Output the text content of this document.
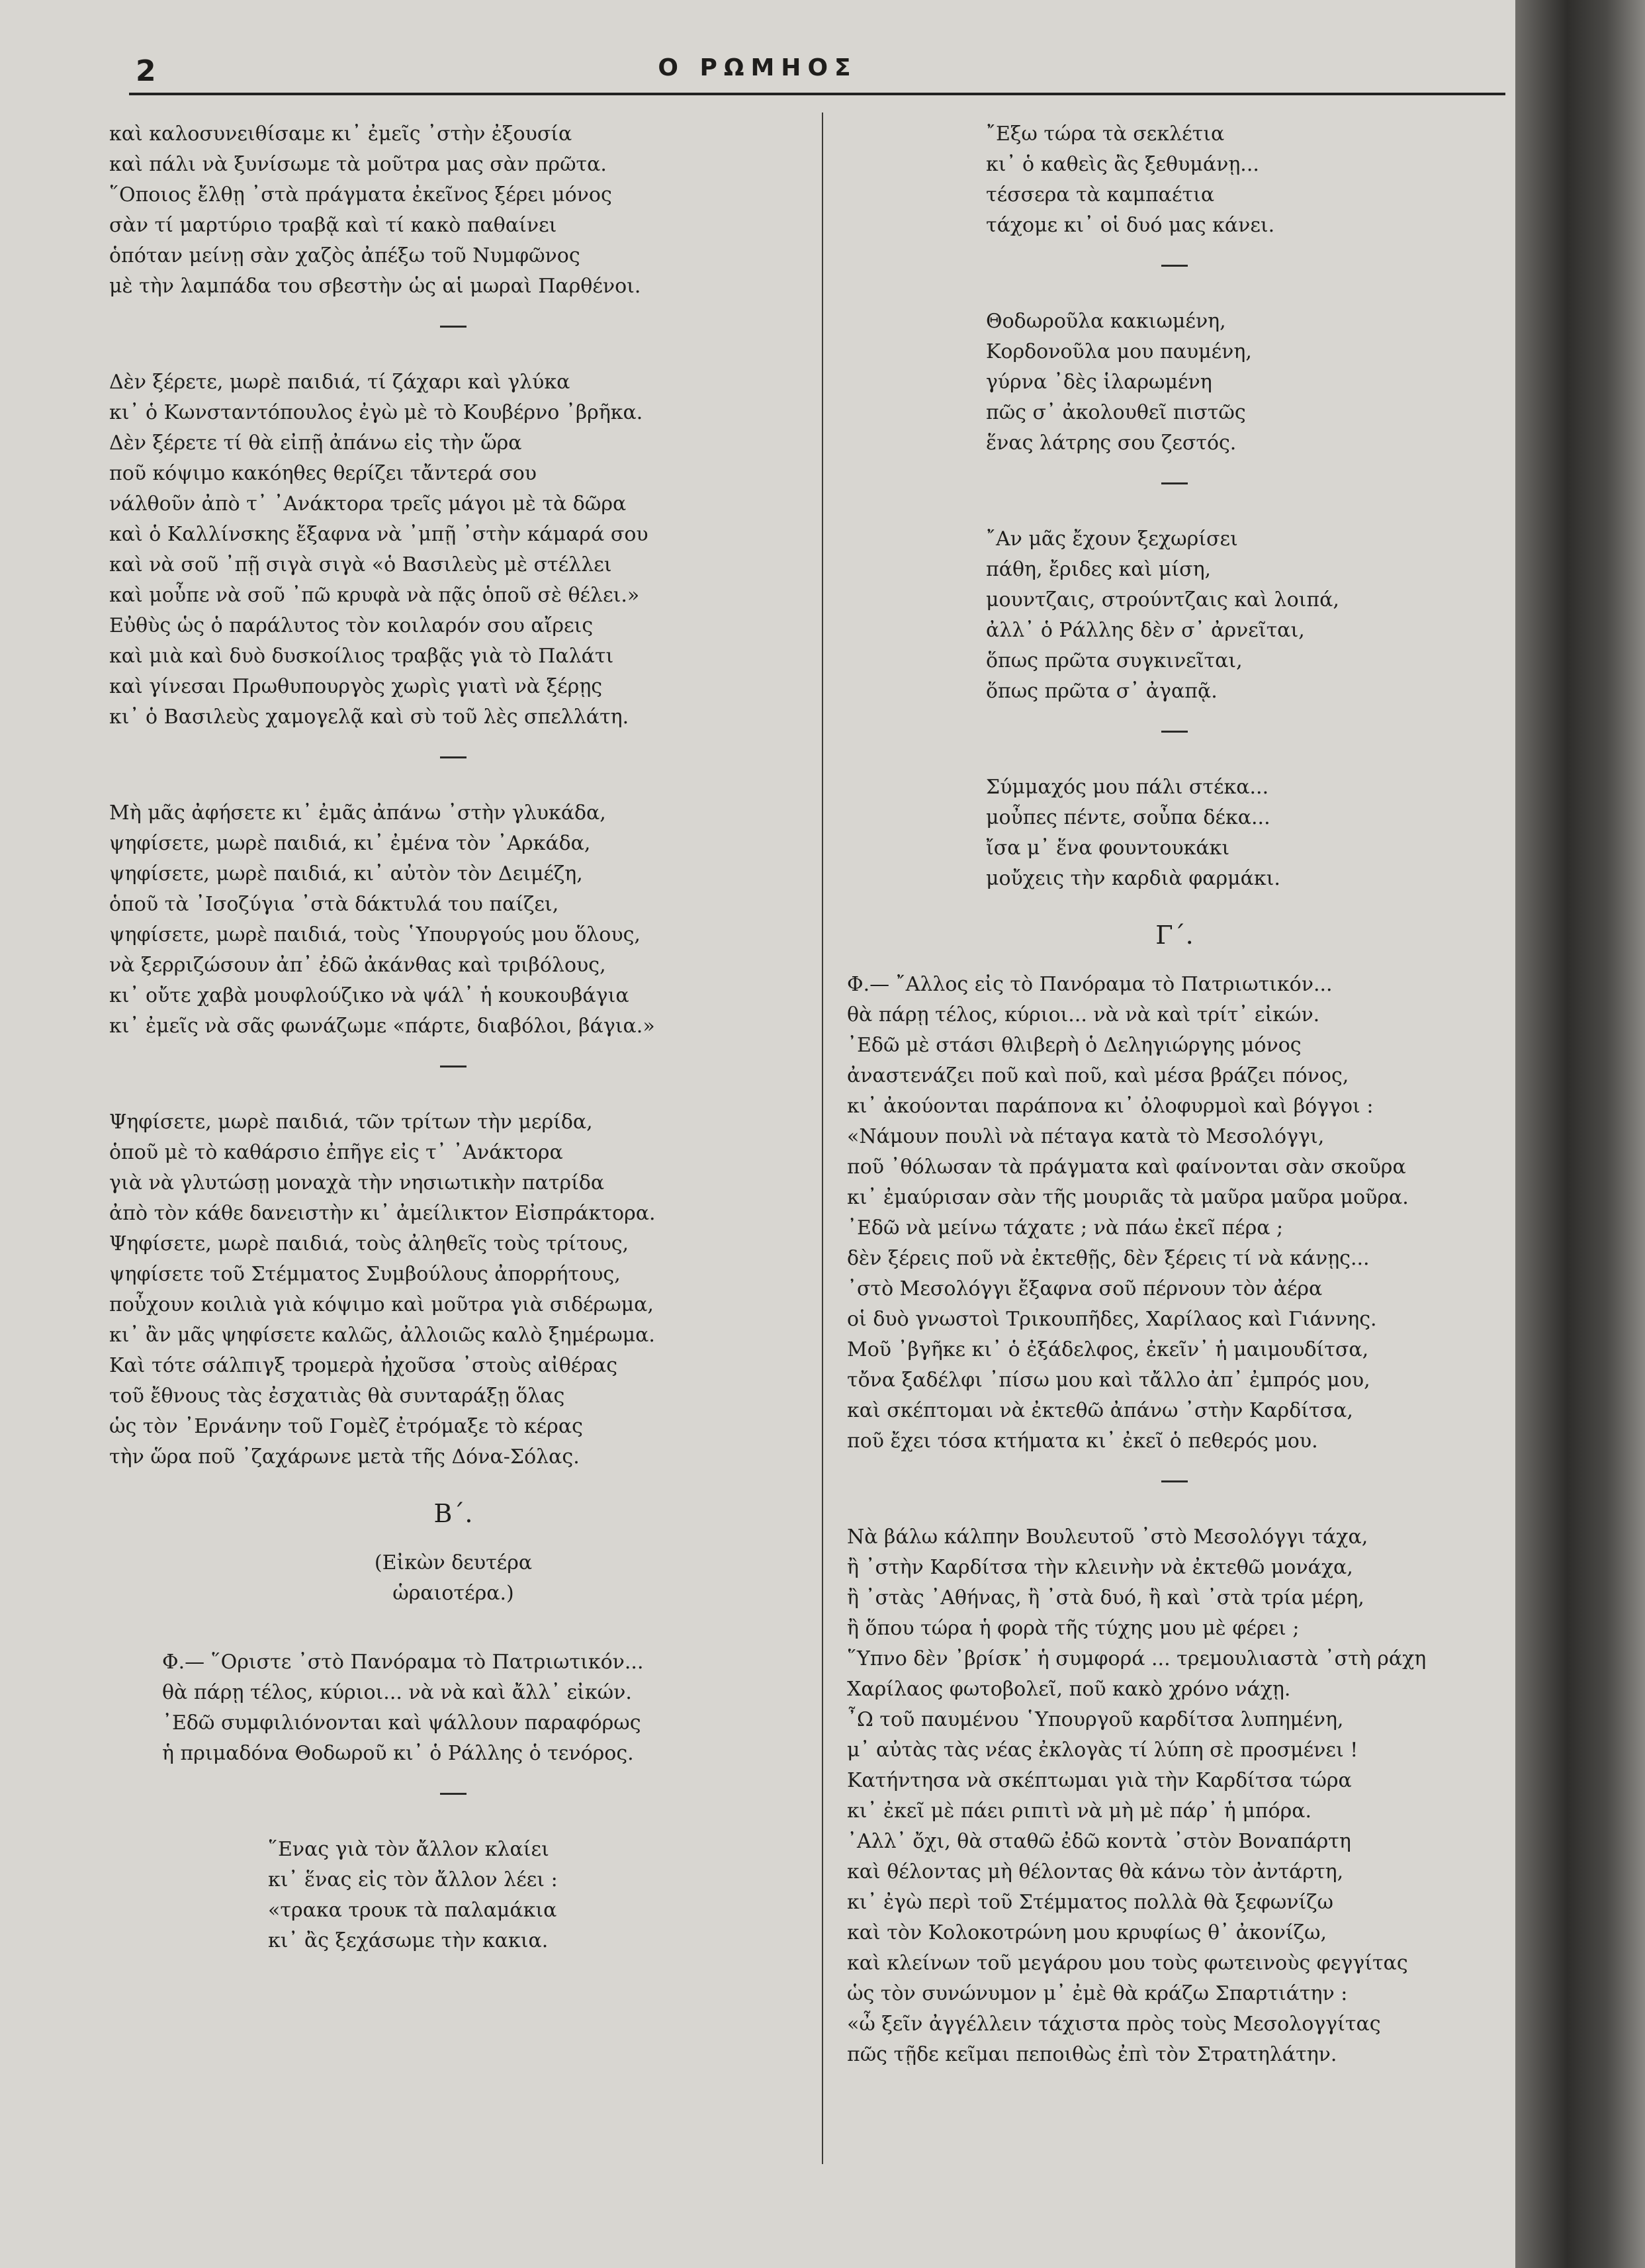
2	Ο ΡΩΜΗΟΣ
καὶ καλοσυνειθίσαμε κι᾿ ἐμεῖς ᾿στὴν ἐξουσία
καὶ πάλι νὰ ξυνίσωμε τὰ μοῦτρα μας σὰν πρῶτα.
῞Οποιος ἔλθῃ ᾿στὰ πράγματα ἐκεῖνος ξέρει μόνος
σὰν τί μαρτύριο τραβᾷ καὶ τί κακὸ παθαίνει
ὁπόταν μείνῃ σὰν χαζὸς ἀπέξω τοῦ Νυμφῶνος
μὲ τὴν λαμπάδα του σβεστὴν ὡς αἱ μωραὶ Παρθένοι.
Δὲν ξέρετε, μωρὲ παιδιά, τί ζάχαρι καὶ γλύκα
κι᾿ ὁ Κωνσταντόπουλος ἐγὼ μὲ τὸ Κουβέρνο ᾿βρῆκα.
Δὲν ξέρετε τί θὰ εἰπῇ ἀπάνω εἰς τὴν ὥρα
ποῦ κόψιμο κακόηθες θερίζει τἄντερά σου
νάλθοῦν ἀπὸ τ᾿ ᾿Ανάκτορα τρεῖς μάγοι μὲ τὰ δῶρα
καὶ ὁ Καλλίνσκης ἔξαφνα νὰ ᾿μπῇ ᾿στὴν κάμαρά σου
καὶ νὰ σοῦ ᾿πῇ σιγὰ σιγὰ «ὁ Βασιλεὺς μὲ στέλλει
καὶ μοὖπε νὰ σοῦ ᾿πῶ κρυφὰ νὰ πᾷς ὁποῦ σὲ θέλει.»
Εὐθὺς ὡς ὁ παράλυτος τὸν κοιλαρόν σου αἴρεις
καὶ μιὰ καὶ δυὸ δυσκοίλιος τραβᾷς γιὰ τὸ Παλάτι
καὶ γίνεσαι Πρωθυπουργὸς χωρὶς γιατὶ νὰ ξέρῃς
κι᾿ ὁ Βασιλεὺς χαμογελᾷ καὶ σὺ τοῦ λὲς σπελλάτη.
Μὴ μᾶς ἀφήσετε κι᾿ ἐμᾶς ἀπάνω ᾿στὴν γλυκάδα,
ψηφίσετε, μωρὲ παιδιά, κι᾿ ἐμένα τὸν ᾿Αρκάδα,
ψηφίσετε, μωρὲ παιδιά, κι᾿ αὐτὸν τὸν Δειμέζη,
ὁποῦ τὰ ᾿Ισοζύγια ᾿στὰ δάκτυλά του παίζει,
ψηφίσετε, μωρὲ παιδιά, τοὺς ῾Υπουργούς μου ὅλους,
νὰ ξερριζώσουν ἀπ᾿ ἐδῶ ἀκάνθας καὶ τριβόλους,
κι᾿ οὔτε χαβὰ μουφλούζικο νὰ ψάλ᾿ ἡ κουκουβάγια
κι᾿ ἐμεῖς νὰ σᾶς φωνάζωμε «πάρτε, διαβόλοι, βάγια.»
Ψηφίσετε, μωρὲ παιδιά, τῶν τρίτων τὴν μερίδα,
ὁποῦ μὲ τὸ καθάρσιο ἐπῆγε εἰς τ᾿ ᾿Ανάκτορα
γιὰ νὰ γλυτώσῃ μοναχὰ τὴν νησιωτικὴν πατρίδα
ἀπὸ τὸν κάθε δανειστὴν κι᾿ ἀμείλικτον Εἰσπράκτορα.
Ψηφίσετε, μωρὲ παιδιά, τοὺς ἀληθεῖς τοὺς τρίτους,
ψηφίσετε τοῦ Στέμματος Συμβούλους ἀπορρήτους,
ποὖχουν κοιλιὰ γιὰ κόψιμο καὶ μοῦτρα γιὰ σιδέρωμα,
κι᾿ ἂν μᾶς ψηφίσετε καλῶς, ἀλλοιῶς καλὸ ξημέρωμα.
Καὶ τότε σάλπιγξ τρομερὰ ἠχοῦσα ᾿στοὺς αἰθέρας
τοῦ ἔθνους τὰς ἐσχατιὰς θὰ συνταράξῃ ὅλας
ὡς τὸν ᾿Ερνάνην τοῦ Γομὲζ ἐτρόμαξε τὸ κέρας
τὴν ὥρα ποῦ ᾿ζαχάρωνε μετὰ τῆς Δόνα-Σόλας.
Β΄.
(Εἰκὼν δευτέρα
ὡραιοτέρα.)
Φ.— ῞Οριστε ᾿στὸ Πανόραμα τὸ Πατριωτικόν...
θὰ πάρῃ τέλος, κύριοι... νὰ νὰ καὶ ἄλλ᾿ εἰκών.
᾿Εδῶ συμφιλιόνονται καὶ ψάλλουν παραφόρως
ἡ πριμαδόνα Θοδωροῦ κι᾿ ὁ Ράλλης ὁ τενόρος.
῞Ενας γιὰ τὸν ἄλλον κλαίει
κι᾿ ἕνας εἰς τὸν ἄλλον λέει :
«τρακα τρουκ τὰ παλαμάκια
κι᾿ ἂς ξεχάσωμε τὴν κακια.
῎Εξω τώρα τὰ σεκλέτια
κι᾿ ὁ καθεὶς ἂς ξεθυμάνῃ...
τέσσερα τὰ καμπαέτια
τάχομε κι᾿ οἱ δυό μας κάνει.
Θοδωροῦλα κακιωμένη,
Κορδονοῦλα μου παυμένη,
γύρνα ᾿δὲς ἱλαρωμένη
πῶς σ᾿ ἀκολουθεῖ πιστῶς
ἕνας λάτρης σου ζεστός.
῎Αν μᾶς ἔχουν ξεχωρίσει
πάθη, ἔριδες καὶ μίση,
μουντζαις, στρούντζαις καὶ λοιπά,
ἀλλ᾿ ὁ Ράλλης δὲν σ᾿ ἀρνεῖται,
ὅπως πρῶτα συγκινεῖται,
ὅπως πρῶτα σ᾿ ἀγαπᾷ.
Σύμμαχός μου πάλι στέκα...
μοὖπες πέντε, σοὖπα δέκα...
ἴσα μ᾿ ἕνα φουντουκάκι
μοὔχεις τὴν καρδιὰ φαρμάκι.
Γ΄.
Φ.— ῎Αλλος εἰς τὸ Πανόραμα τὸ Πατριωτικόν...
θὰ πάρῃ τέλος, κύριοι... νὰ νὰ καὶ τρίτ᾿ εἰκών.
᾿Εδῶ μὲ στάσι θλιβερὴ ὁ Δεληγιώργης μόνος
ἀναστενάζει ποῦ καὶ ποῦ, καὶ μέσα βράζει πόνος,
κι᾿ ἀκούονται παράπονα κι᾿ ὀλοφυρμοὶ καὶ βόγγοι :
«Νάμουν πουλὶ νὰ πέταγα κατὰ τὸ Μεσολόγγι,
ποῦ ᾿θόλωσαν τὰ πράγματα καὶ φαίνονται σὰν σκοῦρα
κι᾿ ἐμαύρισαν σὰν τῆς μουριᾶς τὰ μαῦρα μαῦρα μοῦρα.
᾿Εδῶ νὰ μείνω τάχατε ; νὰ πάω ἐκεῖ πέρα ;
δὲν ξέρεις ποῦ νὰ ἐκτεθῇς, δὲν ξέρεις τί νὰ κάνῃς...
᾿στὸ Μεσολόγγι ἔξαφνα σοῦ πέρνουν τὸν ἀέρα
οἱ δυὸ γνωστοὶ Τρικουπῆδες, Χαρίλαος καὶ Γιάννης.
Μοῦ ᾿βγῆκε κι᾿ ὁ ἐξάδελφος, ἐκεῖν᾿ ἡ μαιμουδίτσα,
τὄνα ξαδέλφι ᾿πίσω μου καὶ τἄλλο ἀπ᾿ ἐμπρός μου,
καὶ σκέπτομαι νὰ ἐκτεθῶ ἀπάνω ᾿στὴν Καρδίτσα,
ποῦ ἔχει τόσα κτήματα κι᾿ ἐκεῖ ὁ πεθερός μου.
Νὰ βάλω κάλπην Βουλευτοῦ ᾿στὸ Μεσολόγγι τάχα,
ἢ ᾿στὴν Καρδίτσα τὴν κλεινὴν νὰ ἐκτεθῶ μονάχα,
ἢ ᾿στὰς ᾿Αθήνας, ἢ ᾿στὰ δυό, ἢ καὶ ᾿στὰ τρία μέρη,
ἢ ὅπου τώρα ἡ φορὰ τῆς τύχης μου μὲ φέρει ;
῞Υπνο δὲν ᾿βρίσκ᾿ ἡ συμφορά ... τρεμουλιαστὰ ᾿στὴ ράχη
Χαρίλαος φωτοβολεῖ, ποῦ κακὸ χρόνο νάχῃ.
῏Ω τοῦ παυμένου ῾Υπουργοῦ καρδίτσα λυπημένη,
μ᾿ αὐτὰς τὰς νέας ἐκλογὰς τί λύπη σὲ προσμένει !
Κατήντησα νὰ σκέπτωμαι γιὰ τὴν Καρδίτσα τώρα
κι᾿ ἐκεῖ μὲ πάει ριπιτὶ νὰ μὴ μὲ πάρ᾿ ἡ μπόρα.
᾿Αλλ᾿ ὄχι, θὰ σταθῶ ἐδῶ κοντὰ ᾿στὸν Βοναπάρτη
καὶ θέλοντας μὴ θέλοντας θὰ κάνω τὸν ἀντάρτη,
κι᾿ ἐγὼ περὶ τοῦ Στέμματος πολλὰ θὰ ξεφωνίζω
καὶ τὸν Κολοκοτρώνη μου κρυφίως θ᾿ ἀκονίζω,
καὶ κλείνων τοῦ μεγάρου μου τοὺς φωτεινοὺς φεγγίτας
ὡς τὸν συνώνυμον μ᾿ ἐμὲ θὰ κράζω Σπαρτιάτην :
«ὦ ξεῖν ἀγγέλλειν τάχιστα πρὸς τοὺς Μεσολογγίτας
πῶς τῇδε κεῖμαι πεποιθὼς ἐπὶ τὸν Στρατηλάτην.
